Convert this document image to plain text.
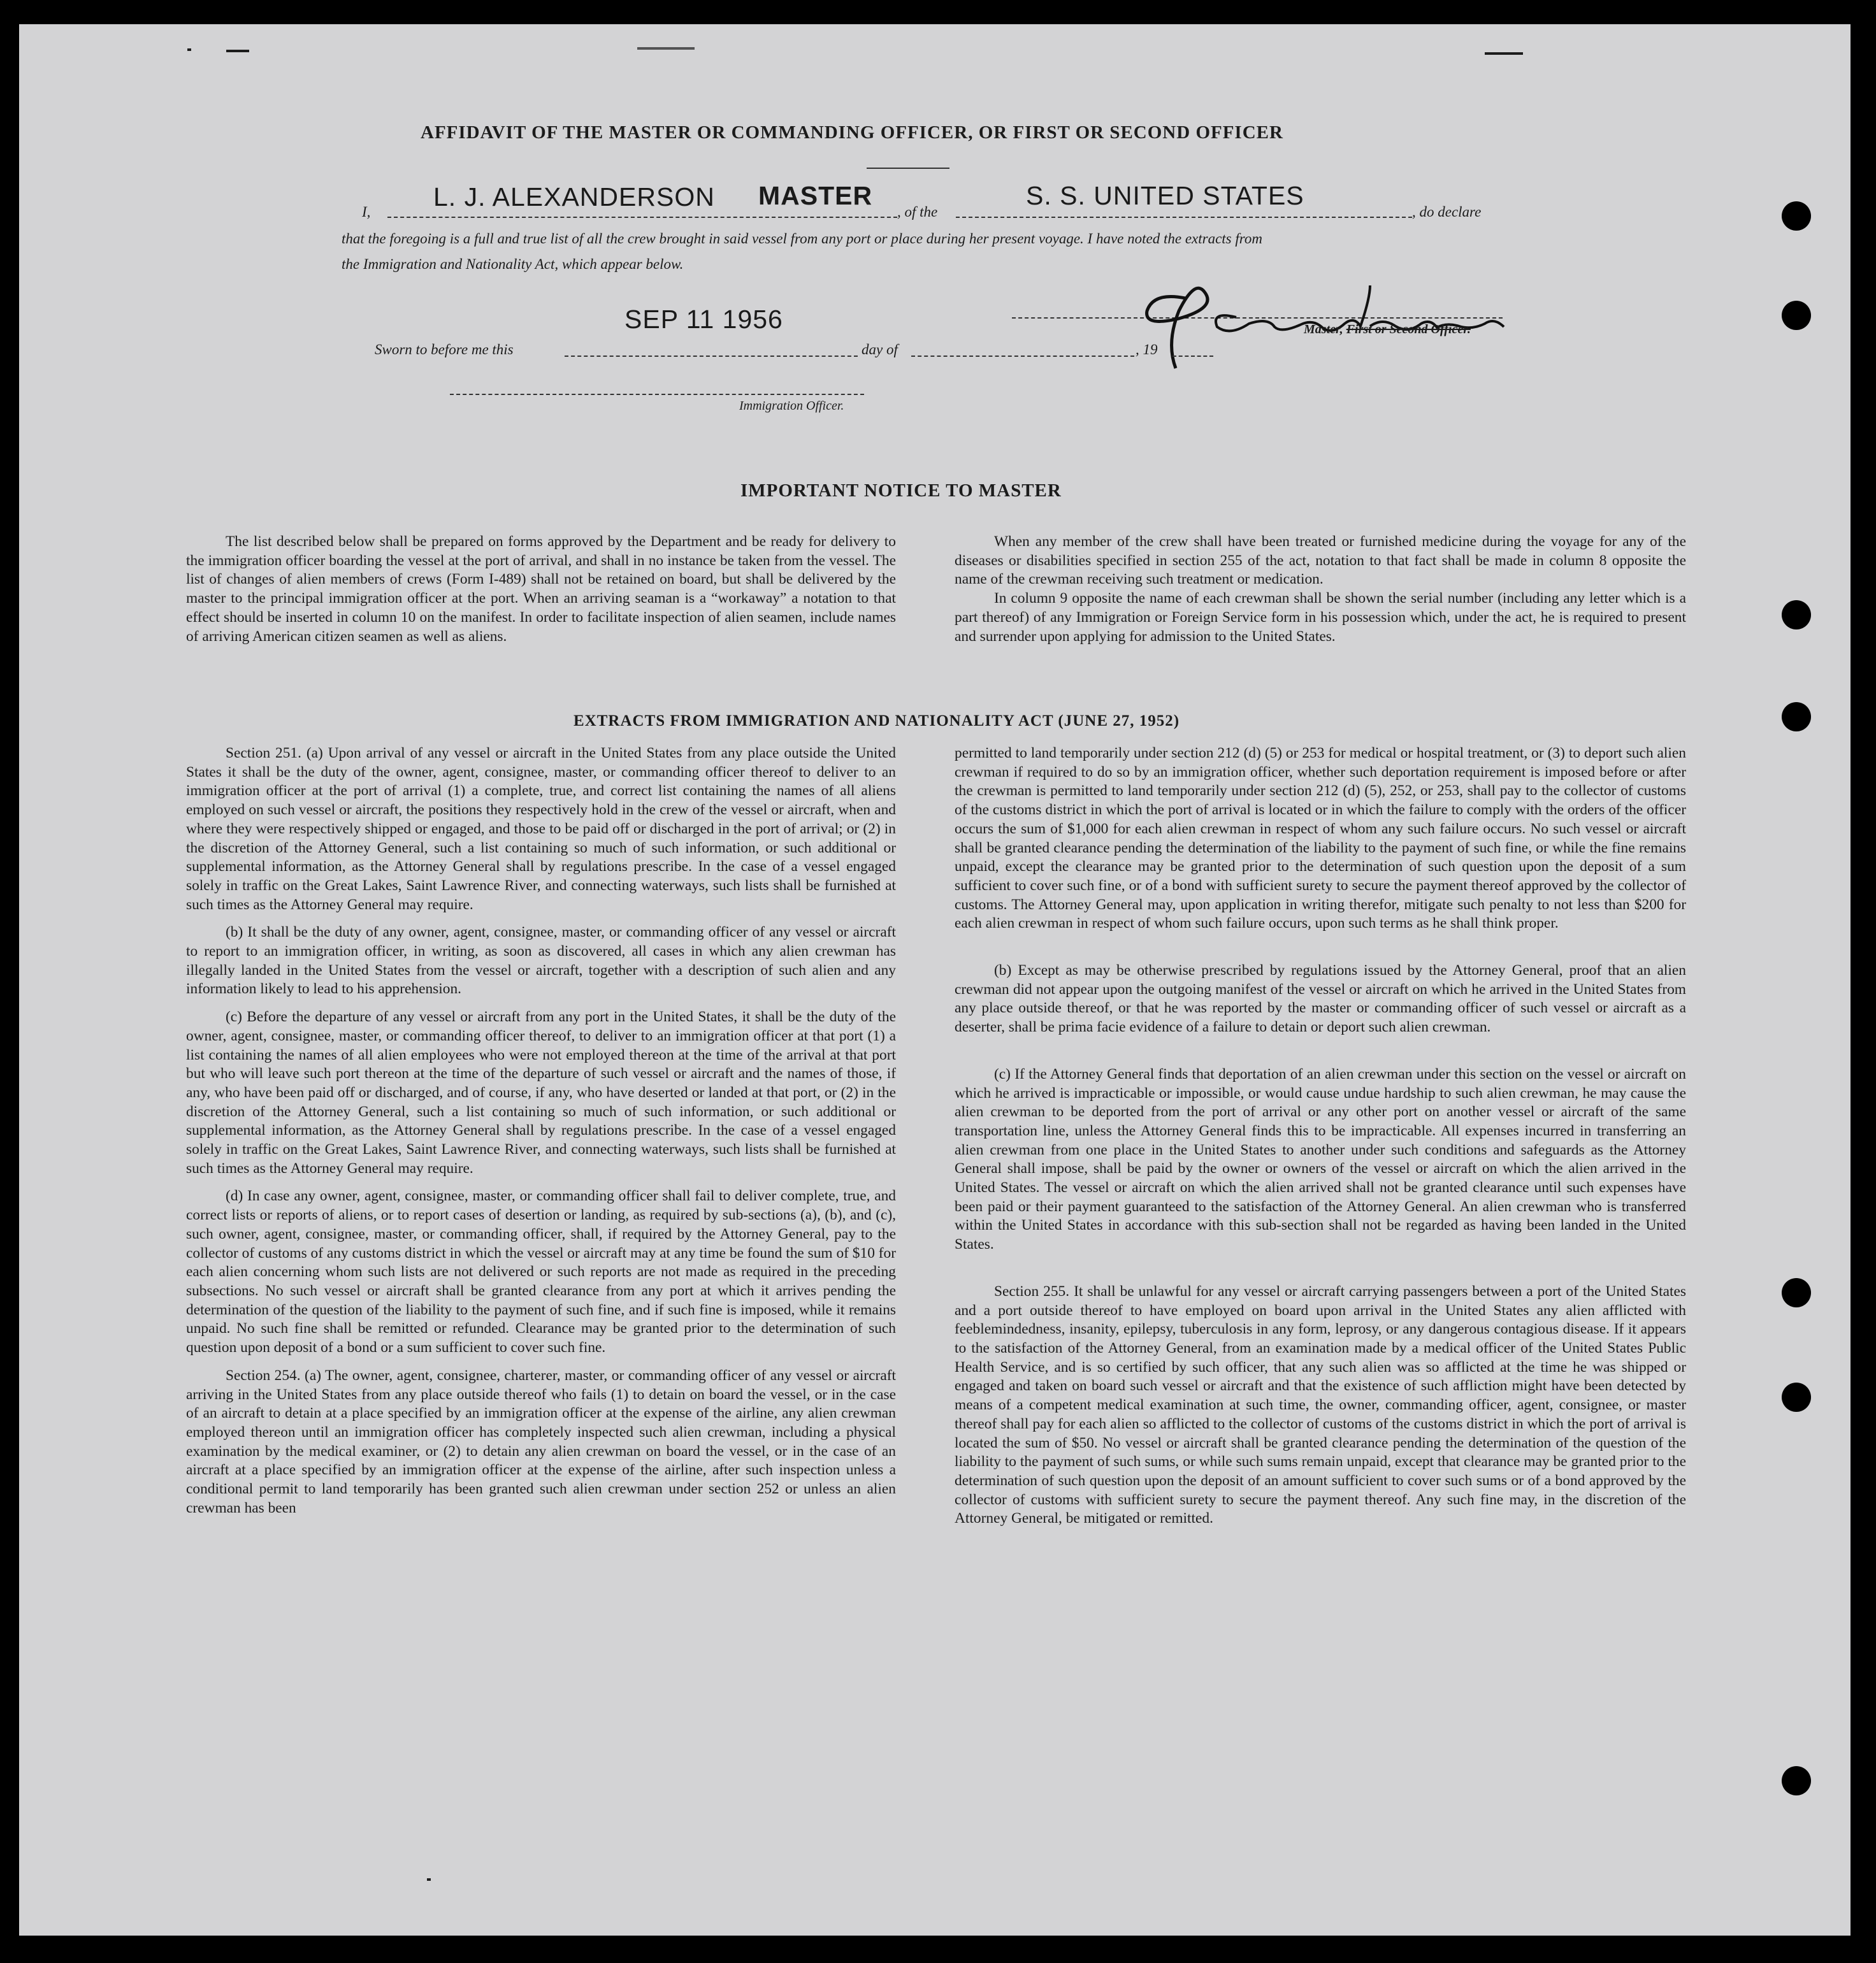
AFFIDAVIT OF THE MASTER OR COMMANDING OFFICER, OR FIRST OR SECOND OFFICER
I,
L. J. ALEXANDERSON MASTER
, of the
S. S. UNITED STATES
, do declare
that the foregoing is a full and true list of all the crew brought in said vessel from any port or place during her present voyage. I have noted the extracts from
the Immigration and Nationality Act, which appear below.
SEP 11 1956	Master, First or Second Officer.
Sworn to before me this	day of	, 19
Immigration Officer.
IMPORTANT NOTICE TO MASTER

The list described below shall be prepared on forms approved by the Department and be ready for delivery to the immigration officer boarding the vessel at the port of arrival, and shall in no instance be taken from the vessel. The list of changes of alien members of crews (Form I-489) shall not be retained on board, but shall be delivered by the master to the principal immigration officer at the port. When an arriving seaman is a “workaway” a notation to that effect should be inserted in column 10 on the manifest. In order to facilitate inspection of alien seamen, include names of arriving American citizen seamen as well as aliens.

When any member of the crew shall have been treated or furnished medicine during the voyage for any of the diseases or disabilities specified in section 255 of the act, notation to that fact shall be made in column 8 opposite the name of the crewman receiving such treatment or medication.

In column 9 opposite the name of each crewman shall be shown the serial number (including any letter which is a part thereof) of any Immigration or Foreign Service form in his possession which, under the act, he is required to present and surrender upon applying for admission to the United States.

EXTRACTS FROM IMMIGRATION AND NATIONALITY ACT (JUNE 27, 1952)

Section 251. (a) Upon arrival of any vessel or aircraft in the United States from any place outside the United States it shall be the duty of the owner, agent, consignee, master, or commanding officer thereof to deliver to an immigration officer at the port of arrival (1) a complete, true, and correct list containing the names of all aliens employed on such vessel or aircraft, the positions they respectively hold in the crew of the vessel or aircraft, when and where they were respectively shipped or engaged, and those to be paid off or discharged in the port of arrival; or (2) in the discretion of the Attorney General, such a list containing so much of such information, or such additional or supplemental information, as the Attorney General shall by regulations prescribe. In the case of a vessel engaged solely in traffic on the Great Lakes, Saint Lawrence River, and connecting waterways, such lists shall be furnished at such times as the Attorney General may require.

(b) It shall be the duty of any owner, agent, consignee, master, or commanding officer of any vessel or aircraft to report to an immigration officer, in writing, as soon as discovered, all cases in which any alien crewman has illegally landed in the United States from the vessel or aircraft, together with a description of such alien and any information likely to lead to his apprehension.

(c) Before the departure of any vessel or aircraft from any port in the United States, it shall be the duty of the owner, agent, consignee, master, or commanding officer thereof, to deliver to an immigration officer at that port (1) a list containing the names of all alien employees who were not employed thereon at the time of the arrival at that port but who will leave such port thereon at the time of the departure of such vessel or aircraft and the names of those, if any, who have been paid off or discharged, and of course, if any, who have deserted or landed at that port, or (2) in the discretion of the Attorney General, such a list containing so much of such information, or such additional or supplemental information, as the Attorney General shall by regulations prescribe. In the case of a vessel engaged solely in traffic on the Great Lakes, Saint Lawrence River, and connecting waterways, such lists shall be furnished at such times as the Attorney General may require.

(d) In case any owner, agent, consignee, master, or commanding officer shall fail to deliver complete, true, and correct lists or reports of aliens, or to report cases of desertion or landing, as required by sub-sections (a), (b), and (c), such owner, agent, consignee, master, or commanding officer, shall, if required by the Attorney General, pay to the collector of customs of any customs district in which the vessel or aircraft may at any time be found the sum of $10 for each alien concerning whom such lists are not delivered or such reports are not made as required in the preceding subsections. No such vessel or aircraft shall be granted clearance from any port at which it arrives pending the determination of the question of the liability to the payment of such fine, and if such fine is imposed, while it remains unpaid. No such fine shall be remitted or refunded. Clearance may be granted prior to the determination of such question upon deposit of a bond or a sum sufficient to cover such fine.

Section 254. (a) The owner, agent, consignee, charterer, master, or commanding officer of any vessel or aircraft arriving in the United States from any place outside thereof who fails (1) to detain on board the vessel, or in the case of an aircraft to detain at a place specified by an immigration officer at the expense of the airline, any alien crewman employed thereon until an immigration officer has completely inspected such alien crewman, including a physical examination by the medical examiner, or (2) to detain any alien crewman on board the vessel, or in the case of an aircraft at a place specified by an immigration officer at the expense of the airline, after such inspection unless a conditional permit to land temporarily has been granted such alien crewman under section 252 or unless an alien crewman has been

permitted to land temporarily under section 212 (d) (5) or 253 for medical or hospital treatment, or (3) to deport such alien crewman if required to do so by an immigration officer, whether such deportation requirement is imposed before or after the crewman is permitted to land temporarily under section 212 (d) (5), 252, or 253, shall pay to the collector of customs of the customs district in which the port of arrival is located or in which the failure to comply with the orders of the officer occurs the sum of $1,000 for each alien crewman in respect of whom any such failure occurs. No such vessel or aircraft shall be granted clearance pending the determination of the liability to the payment of such fine, or while the fine remains unpaid, except the clearance may be granted prior to the determination of such question upon the deposit of a sum sufficient to cover such fine, or of a bond with sufficient surety to secure the payment thereof approved by the collector of customs. The Attorney General may, upon application in writing therefor, mitigate such penalty to not less than $200 for each alien crewman in respect of whom such failure occurs, upon such terms as he shall think proper.

(b) Except as may be otherwise prescribed by regulations issued by the Attorney General, proof that an alien crewman did not appear upon the outgoing manifest of the vessel or aircraft on which he arrived in the United States from any place outside thereof, or that he was reported by the master or commanding officer of such vessel or aircraft as a deserter, shall be prima facie evidence of a failure to detain or deport such alien crewman.

(c) If the Attorney General finds that deportation of an alien crewman under this section on the vessel or aircraft on which he arrived is impracticable or impossible, or would cause undue hardship to such alien crewman, he may cause the alien crewman to be deported from the port of arrival or any other port on another vessel or aircraft of the same transportation line, unless the Attorney General finds this to be impracticable. All expenses incurred in transferring an alien crewman from one place in the United States to another under such conditions and safeguards as the Attorney General shall impose, shall be paid by the owner or owners of the vessel or aircraft on which the alien arrived in the United States. The vessel or aircraft on which the alien arrived shall not be granted clearance until such expenses have been paid or their payment guaranteed to the satisfaction of the Attorney General. An alien crewman who is transferred within the United States in accordance with this sub-section shall not be regarded as having been landed in the United States.

Section 255. It shall be unlawful for any vessel or aircraft carrying passengers between a port of the United States and a port outside thereof to have employed on board upon arrival in the United States any alien afflicted with feeblemindedness, insanity, epilepsy, tuberculosis in any form, leprosy, or any dangerous contagious disease. If it appears to the satisfaction of the Attorney General, from an examination made by a medical officer of the United States Public Health Service, and is so certified by such officer, that any such alien was so afflicted at the time he was shipped or engaged and taken on board such vessel or aircraft and that the existence of such affliction might have been detected by means of a competent medical examination at such time, the owner, commanding officer, agent, consignee, or master thereof shall pay for each alien so afflicted to the collector of customs of the customs district in which the port of arrival is located the sum of $50. No vessel or aircraft shall be granted clearance pending the determination of the question of the liability to the payment of such sums, or while such sums remain unpaid, except that clearance may be granted prior to the determination of such question upon the deposit of an amount sufficient to cover such sums or of a bond approved by the collector of customs with sufficient surety to secure the payment thereof. Any such fine may, in the discretion of the Attorney General, be mitigated or remitted.
